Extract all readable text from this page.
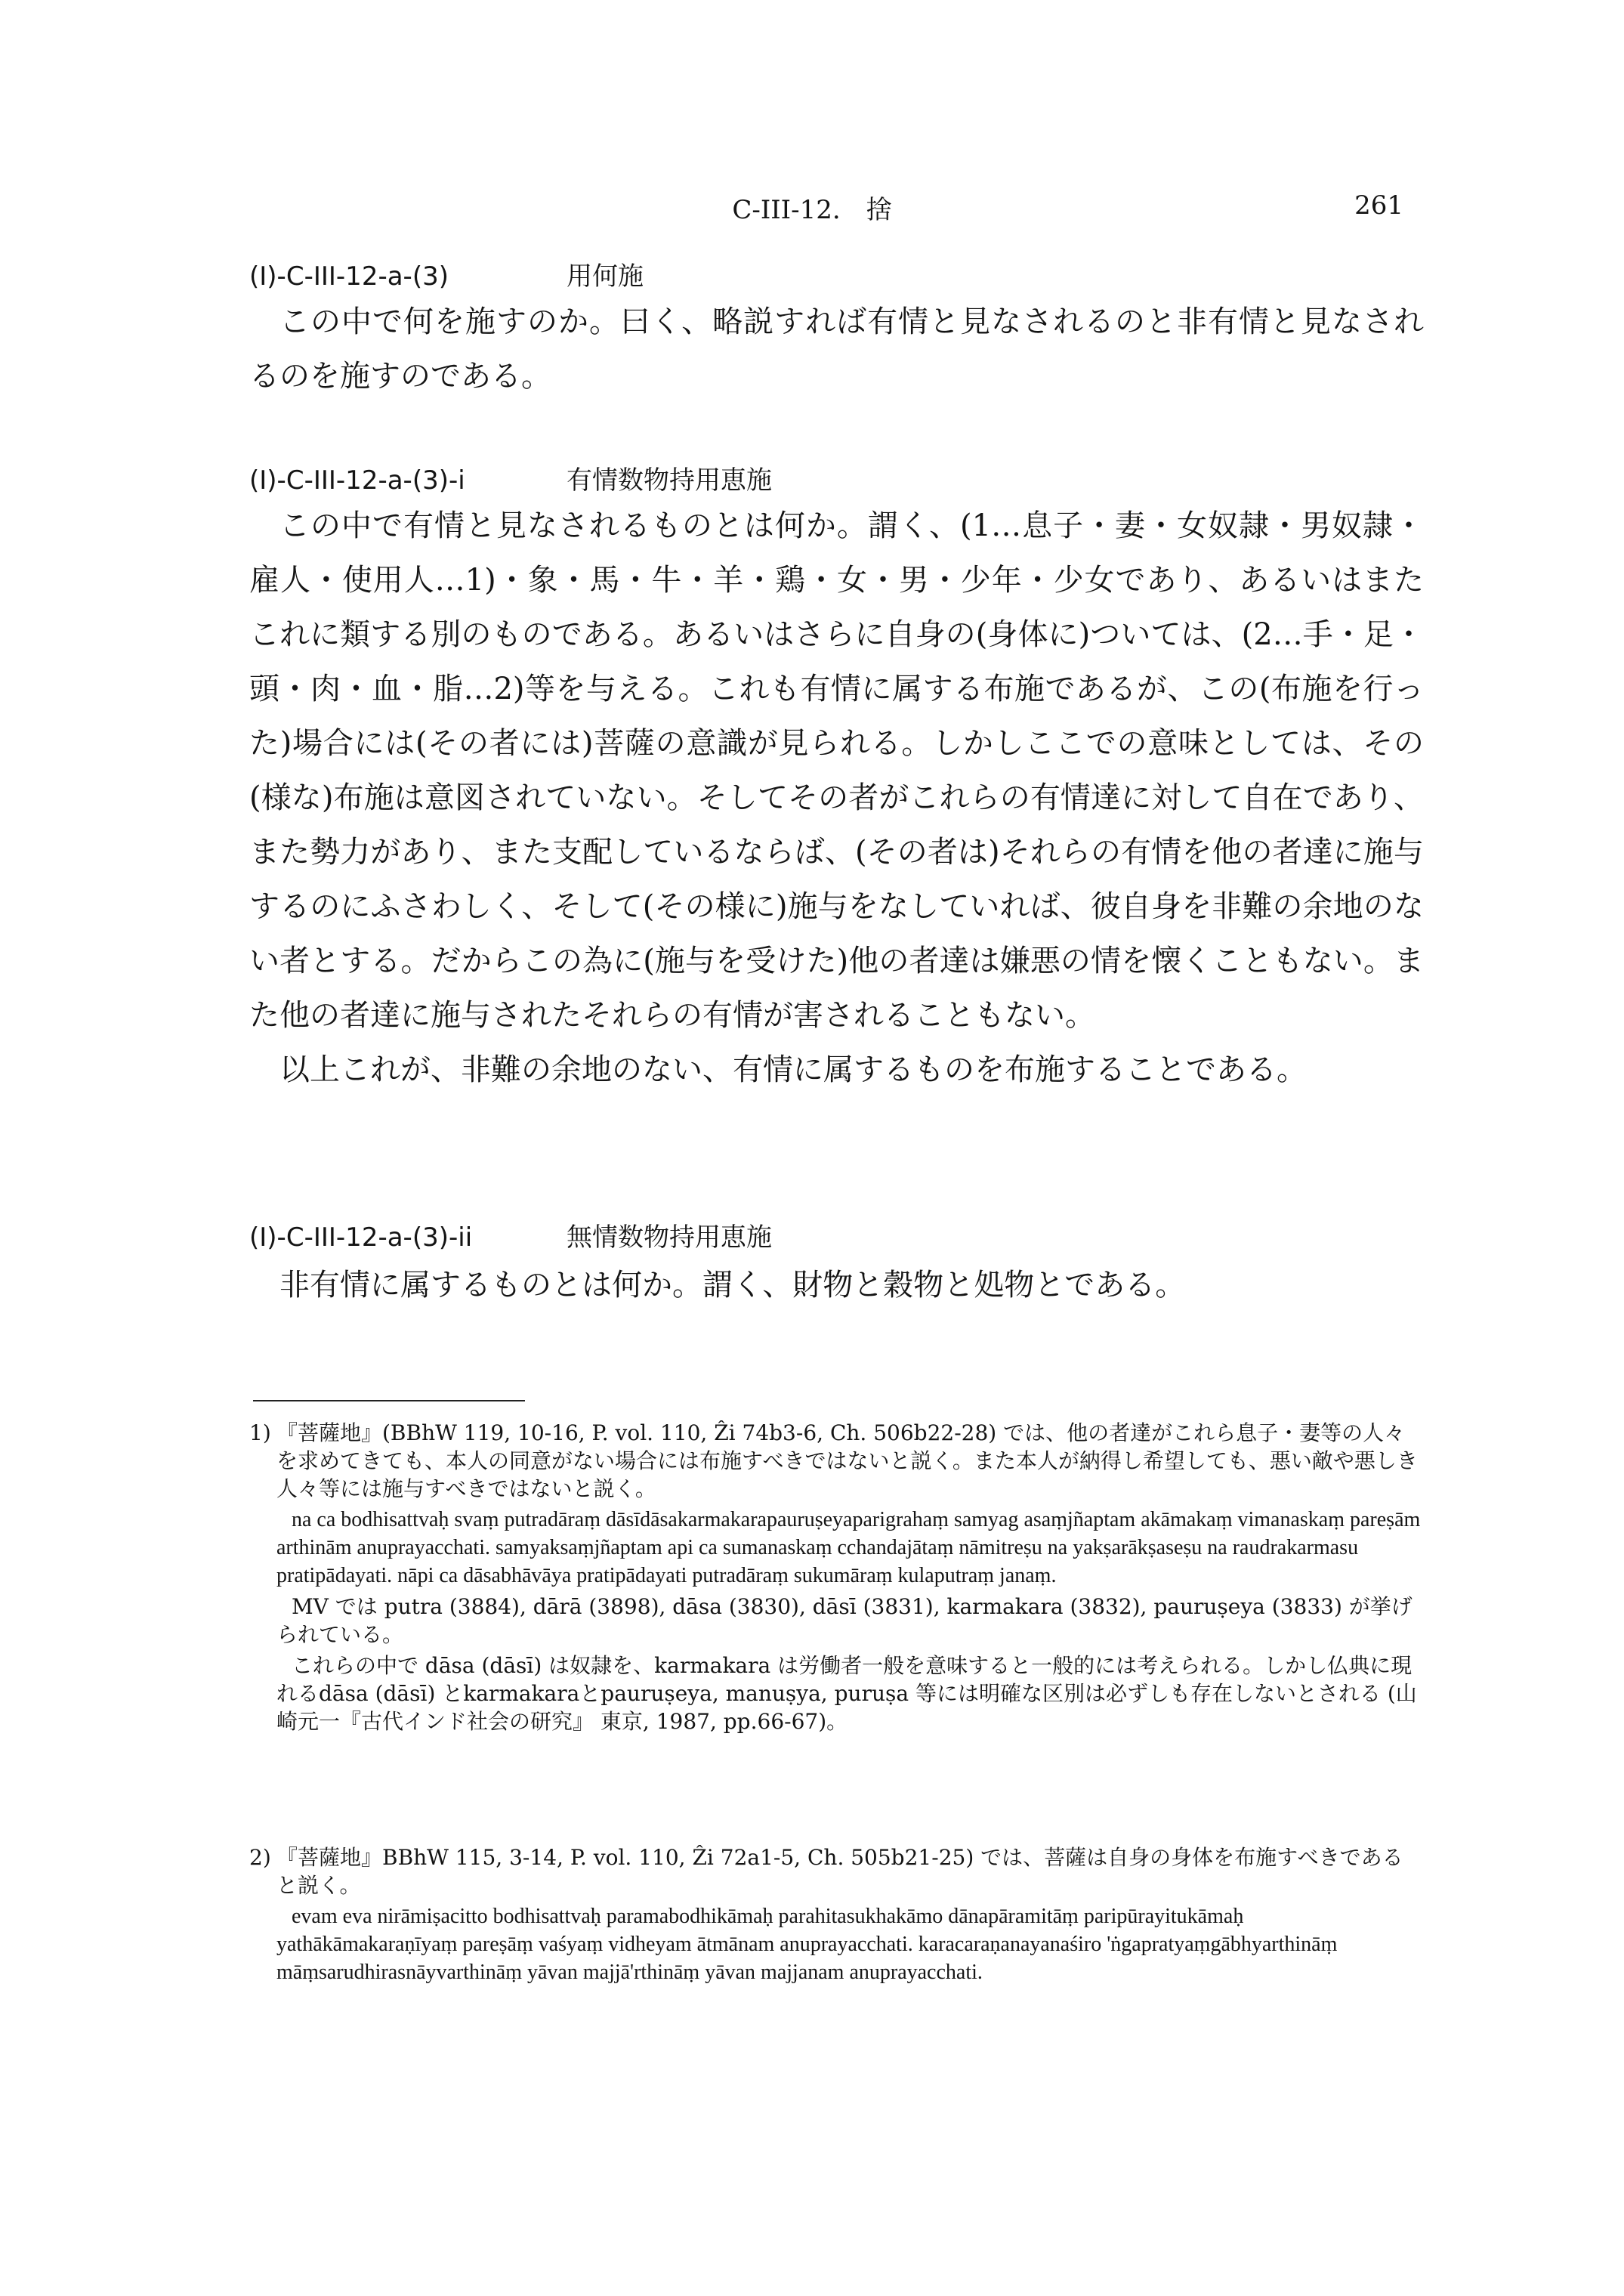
C-III-12.　捨	261
(I)-C-III-12-a-(3)	用何施

この中で何を施すのか。曰く、略説すれば有情と見なされるのと非有情と見なされるのを施すのである。

(I)-C-III-12-a-(3)-i	有情数物持用恵施

この中で有情と見なされるものとは何か。謂く、(1…息子・妻・女奴隷・男奴隷・雇人・使用人…1)・象・馬・牛・羊・鶏・女・男・少年・少女であり、あるいはまたこれに類する別のものである。あるいはさらに自身の(身体に)ついては、(2…手・足・頭・肉・血・脂…2)等を与える。これも有情に属する布施であるが、この(布施を行った)場合には(その者には)菩薩の意識が見られる。しかしここでの意味としては、その(様な)布施は意図されていない。そしてその者がこれらの有情達に対して自在であり、また勢力があり、また支配しているならば、(その者は)それらの有情を他の者達に施与するのにふさわしく、そして(その様に)施与をなしていれば、彼自身を非難の余地のない者とする。だからこの為に(施与を受けた)他の者達は嫌悪の情を懐くこともない。また他の者達に施与されたそれらの有情が害されることもない。

以上これが、非難の余地のない、有情に属するものを布施することである。

(I)-C-III-12-a-(3)-ii	無情数物持用恵施

非有情に属するものとは何か。謂く、財物と穀物と処物とである。

1) 『菩薩地』(BBhW 119, 10-16, P. vol. 110, Ẑi 74b3-6, Ch. 506b22-28) では、他の者達がこれら息子・妻等の人々を求めてきても、本人の同意がない場合には布施すべきではないと説く。また本人が納得し希望しても、悪い敵や悪しき人々等には施与すべきではないと説く。

na ca bodhisattvaḥ svaṃ putradāraṃ dāsīdāsakarmakarapauruṣeyaparigrahaṃ samyag asaṃjñaptam akāmakaṃ vimanaskaṃ pareṣām arthinām anuprayacchati. samyaksaṃjñaptam api ca sumanaskaṃ cchandajātaṃ nāmitreṣu na yakṣarākṣaseṣu na raudrakarmasu pratipādayati. nāpi ca dāsabhāvāya pratipādayati putradāraṃ sukumāraṃ kulaputraṃ janaṃ.

MV では putra (3884), dārā (3898), dāsa (3830), dāsī (3831), karmakara (3832), pauruṣeya (3833) が挙げられている。

これらの中で dāsa (dāsī) は奴隷を、karmakara は労働者一般を意味すると一般的には考えられる。しかし仏典に現れるdāsa (dāsī) とkarmakaraとpauruṣeya, manuṣya, puruṣa 等には明確な区別は必ずしも存在しないとされる (山崎元一『古代インド社会の研究』 東京, 1987, pp.66-67)。

2) 『菩薩地』BBhW 115, 3-14, P. vol. 110, Ẑi 72a1-5, Ch. 505b21-25) では、菩薩は自身の身体を布施すべきであると説く。

evam eva nirāmiṣacitto bodhisattvaḥ paramabodhikāmaḥ parahitasukhakāmo dānapāramitāṃ paripūrayitukāmaḥ yathākāmakaraṇīyaṃ pareṣāṃ vaśyaṃ vidheyam ātmānam anuprayacchati. karacaraṇanayanaśiro 'ṅgapratyaṃgābhyarthināṃ māṃsarudhirasnāyvarthināṃ yāvan majjā'rthināṃ yāvan majjanam anuprayacchati.
